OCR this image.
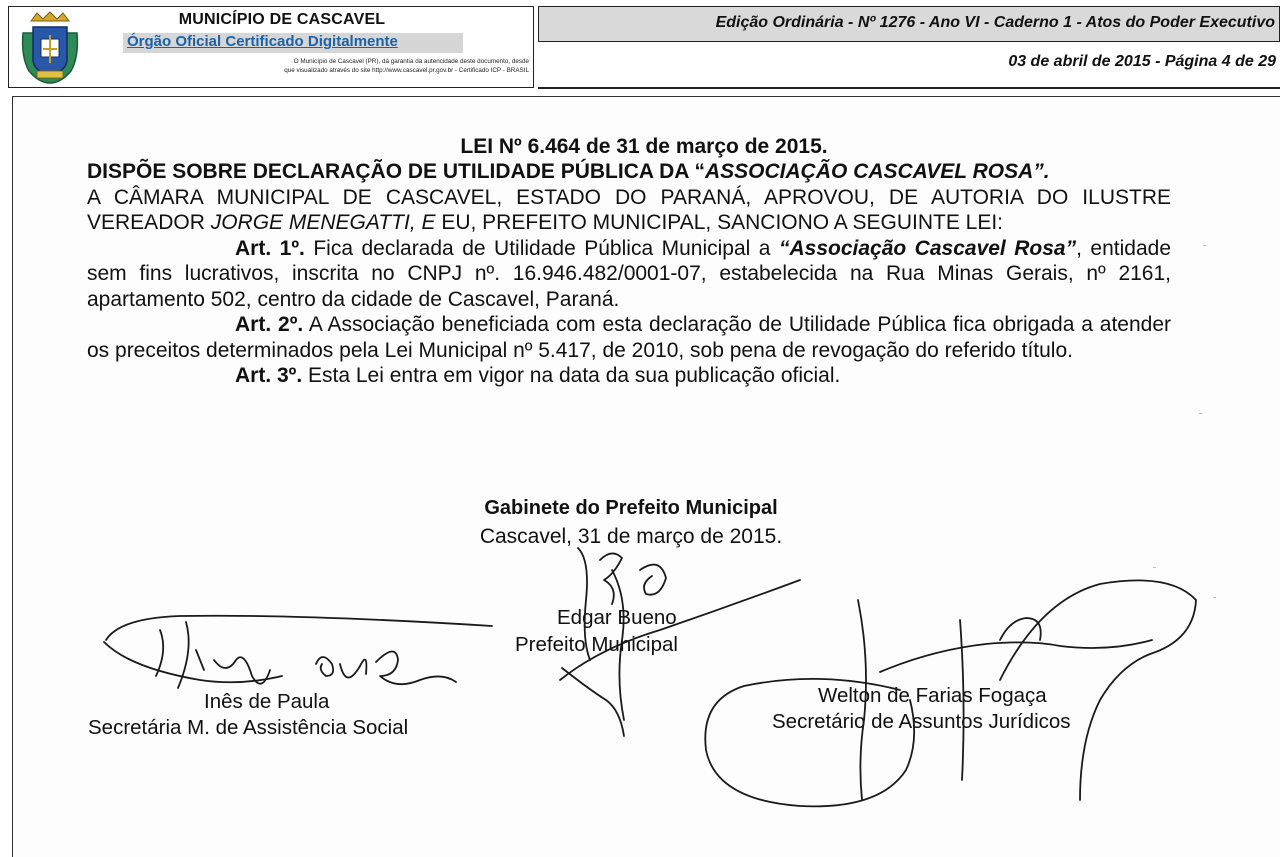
MUNICÍPIO DE CASCAVEL
Órgão Oficial Certificado Digitalmente
O Município de Cascavel (PR), dá garantia da autencidade deste documento, desde
que visualizado através do site http://www.cascavel.pr.gov.br - Certificado ICP - BRASIL
Edição Ordinária - Nº 1276 - Ano VI - Caderno 1 - Atos do Poder Executivo
03 de abril de 2015 - Página 4 de 29
LEI Nº 6.464 de 31 de março de 2015.

DISPÕE SOBRE DECLARAÇÃO DE UTILIDADE PÚBLICA DA “ASSOCIAÇÃO CASCAVEL ROSA”.

A CÂMARA MUNICIPAL DE CASCAVEL, ESTADO DO PARANÁ, APROVOU, DE AUTORIA DO ILUSTRE VEREADOR JORGE MENEGATTI, E EU, PREFEITO MUNICIPAL, SANCIONO A SEGUINTE LEI:

Art. 1º. Fica declarada de Utilidade Pública Municipal a “Associação Cascavel Rosa”, entidade sem fins lucrativos, inscrita no CNPJ nº. 16.946.482/0001-07, estabelecida na Rua Minas Gerais, nº 2161, apartamento 502, centro da cidade de Cascavel, Paraná.

Art. 2º. A Associação beneficiada com esta declaração de Utilidade Pública fica obrigada a atender os preceitos determinados pela Lei Municipal nº 5.417, de 2010, sob pena de revogação do referido título.

Art. 3º. Esta Lei entra em vigor na data da sua publicação oficial.

Gabinete do Prefeito Municipal
Cascavel, 31 de março de 2015.
Edgar Bueno
Prefeito Municipal
Inês de Paula
Secretária M. de Assistência Social
Welton de Farias Fogaça
Secretário de Assuntos Jurídicos
